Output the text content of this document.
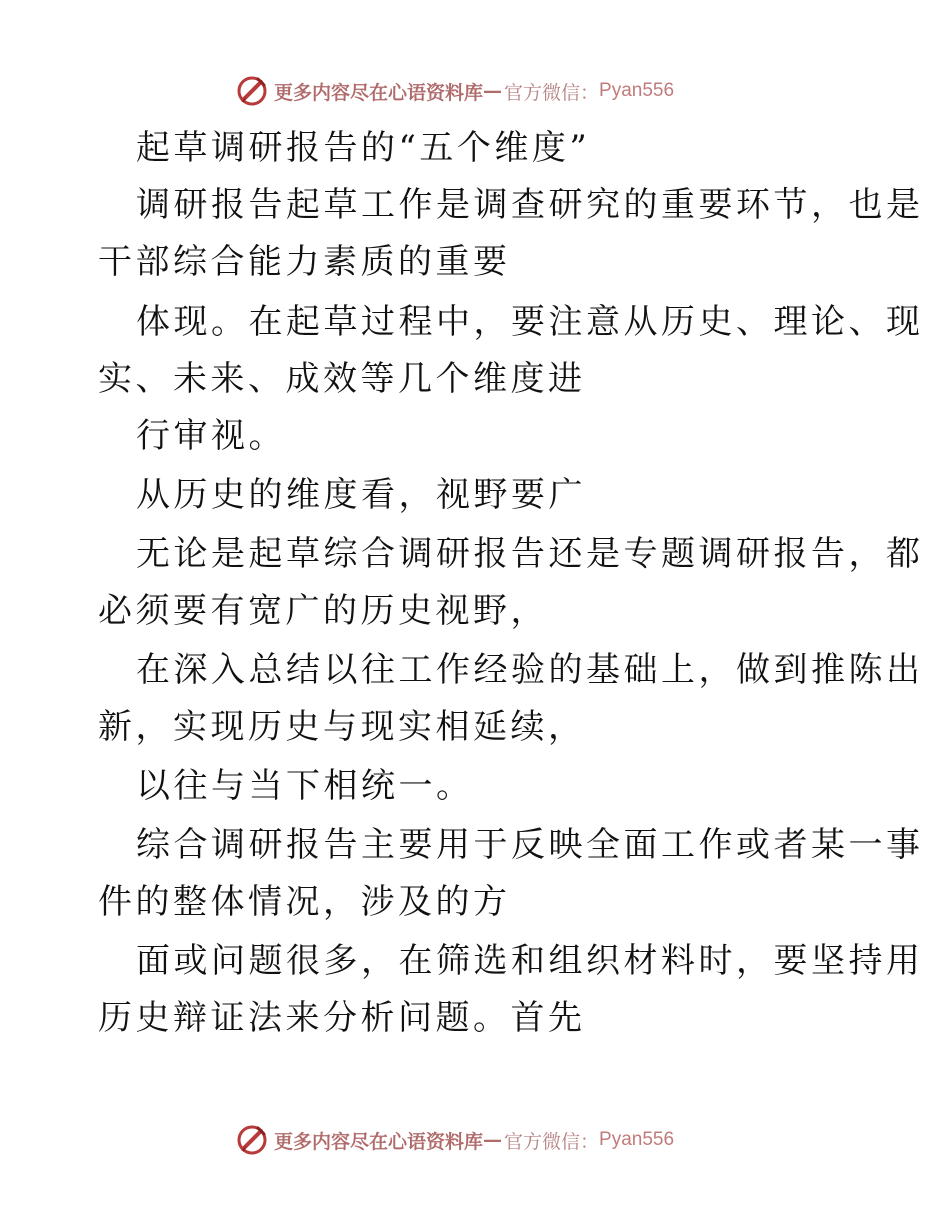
更多内容尽在心语资料库 — 官方微信： Pyan556
起草调研报告的“五个维度”
调研报告起草工作是调查研究的重要环节，也是
干部综合能力素质的重要
体现。在起草过程中，要注意从历史、理论、现
实、未来、成效等几个维度进
行审视。
从历史的维度看，视野要广
无论是起草综合调研报告还是专题调研报告，都
必须要有宽广的历史视野，
在深入总结以往工作经验的基础上，做到推陈出
新，实现历史与现实相延续，
以往与当下相统一。
综合调研报告主要用于反映全面工作或者某一事
件的整体情况，涉及的方
面或问题很多，在筛选和组织材料时，要坚持用
历史辩证法来分析问题。首先
更多内容尽在心语资料库 — 官方微信： Pyan556
